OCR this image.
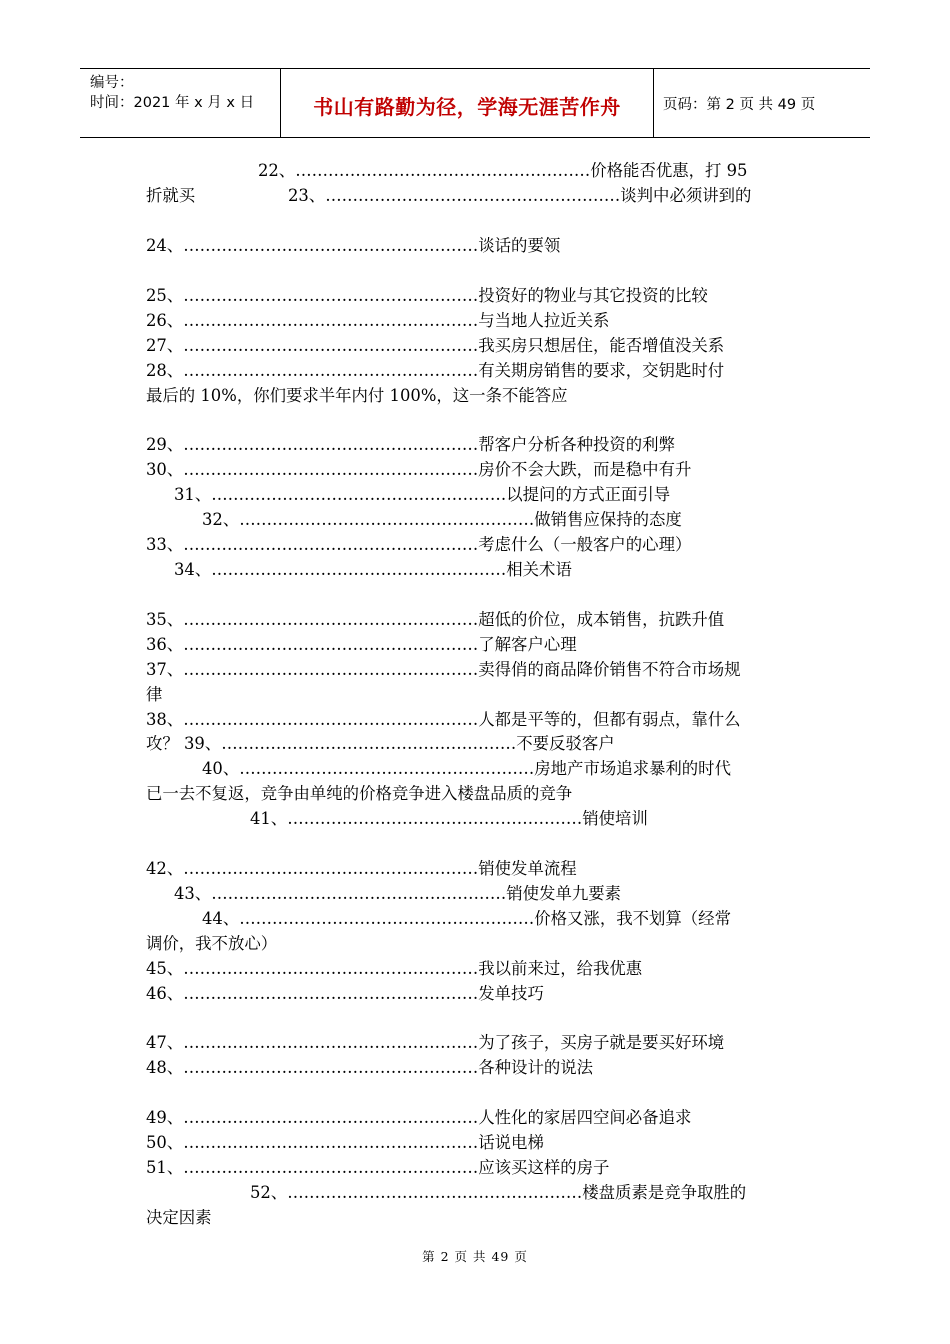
编号：
时间：2021 年 x 月 x 日	书山有路勤为径，学海无涯苦作舟	页码：第 2 页 共 49 页
22、………………………………………………价格能否优惠，打 95
折就买	23、………………………………………………谈判中必须讲到的
24、………………………………………………谈话的要领
25、………………………………………………投资好的物业与其它投资的比较
26、………………………………………………与当地人拉近关系
27、………………………………………………我买房只想居住，能否增值没关系
28、………………………………………………有关期房销售的要求，交钥匙时付
最后的 10%，你们要求半年内付 100%，这一条不能答应
29、………………………………………………帮客户分析各种投资的利弊
30、………………………………………………房价不会大跌，而是稳中有升
31、………………………………………………以提问的方式正面引导
32、………………………………………………做销售应保持的态度
33、………………………………………………考虑什么（一般客户的心理）
34、………………………………………………相关术语
35、………………………………………………超低的价位，成本销售，抗跌升值
36、………………………………………………了解客户心理
37、………………………………………………卖得俏的商品降价销售不符合市场规
律
38、………………………………………………人都是平等的，但都有弱点，靠什么
攻？ 39、………………………………………………不要反驳客户
40、………………………………………………房地产市场追求暴利的时代
已一去不复返，竞争由单纯的价格竞争进入楼盘品质的竞争
41、………………………………………………销使培训
42、………………………………………………销使发单流程
43、………………………………………………销使发单九要素
44、………………………………………………价格又涨，我不划算（经常
调价，我不放心）
45、………………………………………………我以前来过，给我优惠
46、………………………………………………发单技巧
47、………………………………………………为了孩子，买房子就是要买好环境
48、………………………………………………各种设计的说法
49、………………………………………………人性化的家居四空间必备追求
50、………………………………………………话说电梯
51、………………………………………………应该买这样的房子
52、………………………………………………楼盘质素是竞争取胜的
决定因素
第 2 页 共 49 页
